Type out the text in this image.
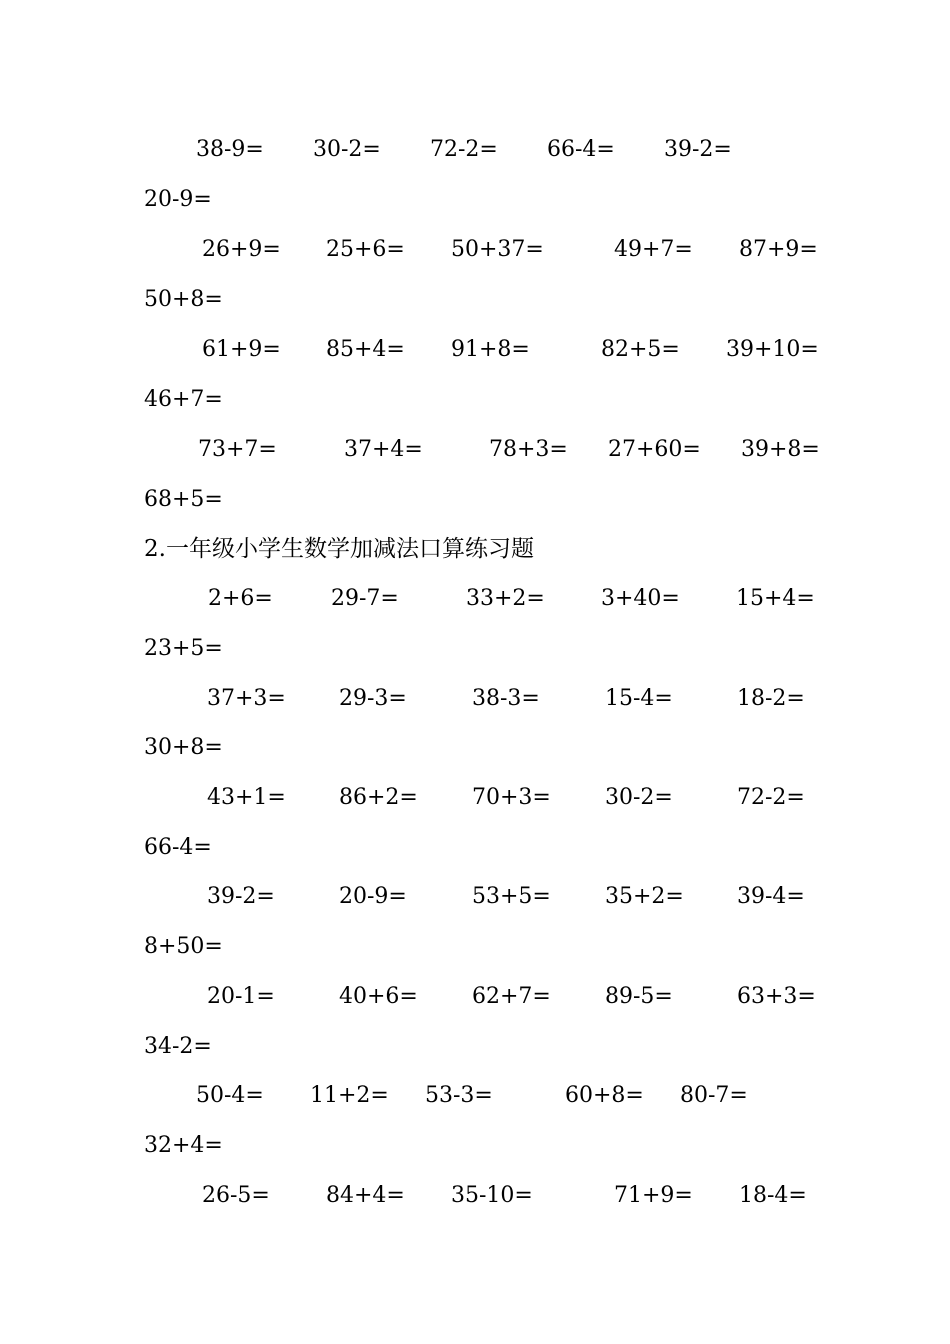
38-9= 30-2= 72-2= 66-4= 39-2=
20-9=
26+9= 25+6= 50+37=	49+7= 87+9=
50+8=
61+9= 85+4= 91+8=	82+5= 39+10=
46+7=
73+7=	37+4=	78+3= 27+60= 39+8=
68+5=
2.一年级小学生数学加减法口算练习题
2+6=	29-7=	33+2=	3+40=	15+4=
23+5=
37+3= 29-3=	38-3=	15-4=	18-2=
30+8=
43+1= 86+2= 70+3= 30-2=	72-2=
66-4=
39-2=	20-9=	53+5= 35+2= 39-4=
8+50=
20-1=	40+6= 62+7= 89-5=	63+3=
34-2=
50-4= 11+2= 53-3=	60+8= 80-7=
32+4=
26-5=	84+4= 35-10=	71+9= 18-4=
